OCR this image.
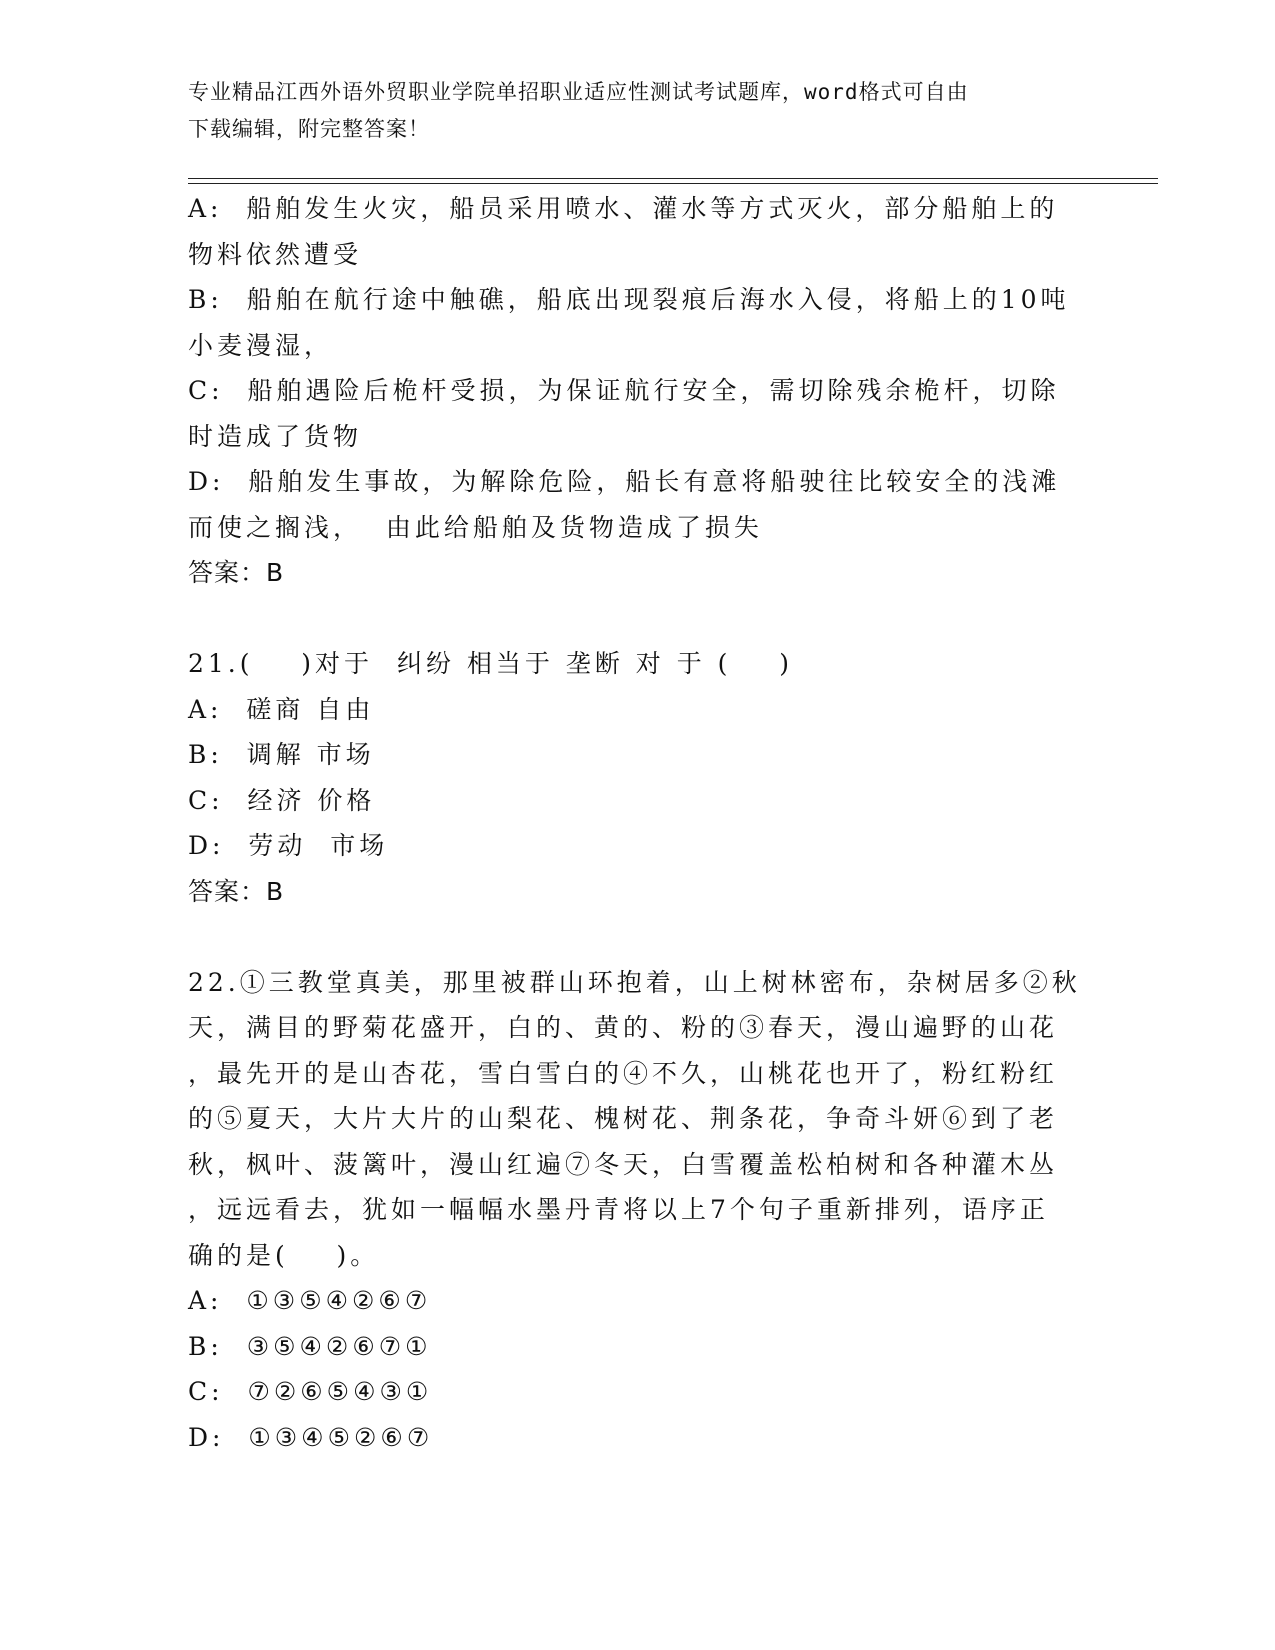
专业精品江西外语外贸职业学院单招职业适应性测试考试题库，word格式可自由
下载编辑，附完整答案！
A:  船舶发生火灾，船员采用喷水、灌水等方式灭火，部分船舶上的
物料依然遭受
B:  船舶在航行途中触礁，船底出现裂痕后海水入侵，将船上的10吨
小麦漫湿，
C:  船舶遇险后桅杆受损，为保证航行安全，需切除残余桅杆，切除
时造成了货物
D:  船舶发生事故，为解除危险，船长有意将船驶往比较安全的浅滩
而使之搁浅，  由此给船舶及货物造成了损失
答案：B
21.(    )对于  纠纷 相当于 垄断 对 于 (    )
A:  磋商 自由
B:  调解 市场
C:  经济 价格
D:  劳动  市场
答案：B
22.①三教堂真美，那里被群山环抱着，山上树林密布，杂树居多②秋
天，满目的野菊花盛开，白的、黄的、粉的③春天，漫山遍野的山花
，最先开的是山杏花，雪白雪白的④不久，山桃花也开了，粉红粉红
的⑤夏天，大片大片的山梨花、槐树花、荆条花，争奇斗妍⑥到了老
秋，枫叶、菠篱叶，漫山红遍⑦冬天，白雪覆盖松柏树和各种灌木丛
，远远看去，犹如一幅幅水墨丹青将以上7个句子重新排列，语序正
确的是(    )。
A:  ①③⑤④②⑥⑦
B:  ③⑤④②⑥⑦①
C:  ⑦②⑥⑤④③①
D:  ①③④⑤②⑥⑦
